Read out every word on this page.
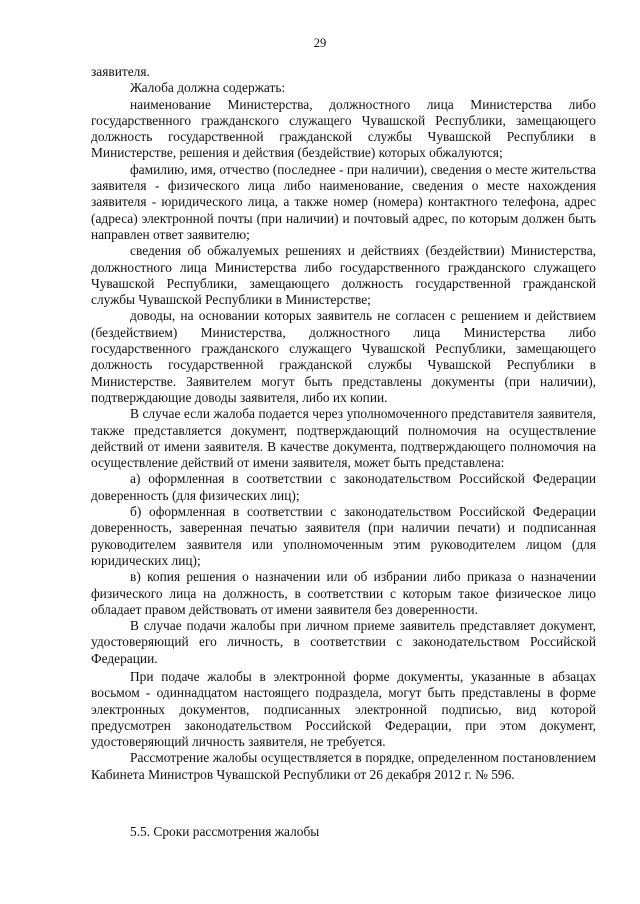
29

заявителя.

Жалоба должна содержать:

наименование Министерства, должностного лица Министерства либо государственного гражданского служащего Чувашской Республики, замещающего должность государственной гражданской службы Чувашской Республики в Министерстве, решения и действия (бездействие) которых обжалуются;

фамилию, имя, отчество (последнее - при наличии), сведения о месте жительства заявителя - физического лица либо наименование, сведения о месте нахождения заявителя - юридического лица, а также номер (номера) контактного телефона, адрес (адреса) электронной почты (при наличии) и почтовый адрес, по которым должен быть направлен ответ заявителю;

сведения об обжалуемых решениях и действиях (бездействии) Министерства, должностного лица Министерства либо государственного гражданского служащего Чувашской Республики, замещающего должность государственной гражданской службы Чувашской Республики в Министерстве;

доводы, на основании которых заявитель не согласен с решением и действием (бездействием) Министерства, должностного лица Министерства либо государственного гражданского служащего Чувашской Республики, замещающего должность государственной гражданской службы Чувашской Республики в Министерстве. Заявителем могут быть представлены документы (при наличии), подтверждающие доводы заявителя, либо их копии.

В случае если жалоба подается через уполномоченного представителя заявителя, также представляется документ, подтверждающий полномочия на осуществление действий от имени заявителя. В качестве документа, подтверждающего полномочия на осуществление действий от имени заявителя, может быть представлена:

а) оформленная в соответствии с законодательством Российской Федерации доверенность (для физических лиц);

б) оформленная в соответствии с законодательством Российской Федерации доверенность, заверенная печатью заявителя (при наличии печати) и подписанная руководителем заявителя или уполномоченным этим руководителем лицом (для юридических лиц);

в) копия решения о назначении или об избрании либо приказа о назначении физического лица на должность, в соответствии с которым такое физическое лицо обладает правом действовать от имени заявителя без доверенности.

В случае подачи жалобы при личном приеме заявитель представляет документ, удостоверяющий его личность, в соответствии с законодательством Российской Федерации.

При подаче жалобы в электронной форме документы, указанные в абзацах восьмом - одиннадцатом настоящего подраздела, могут быть представлены в форме электронных документов, подписанных электронной подписью, вид которой предусмотрен законодательством Российской Федерации, при этом документ, удостоверяющий личность заявителя, не требуется.

Рассмотрение жалобы осуществляется в порядке, определенном постановлением Кабинета Министров Чувашской Республики от 26 декабря 2012 г. № 596.

5.5. Сроки рассмотрения жалобы
